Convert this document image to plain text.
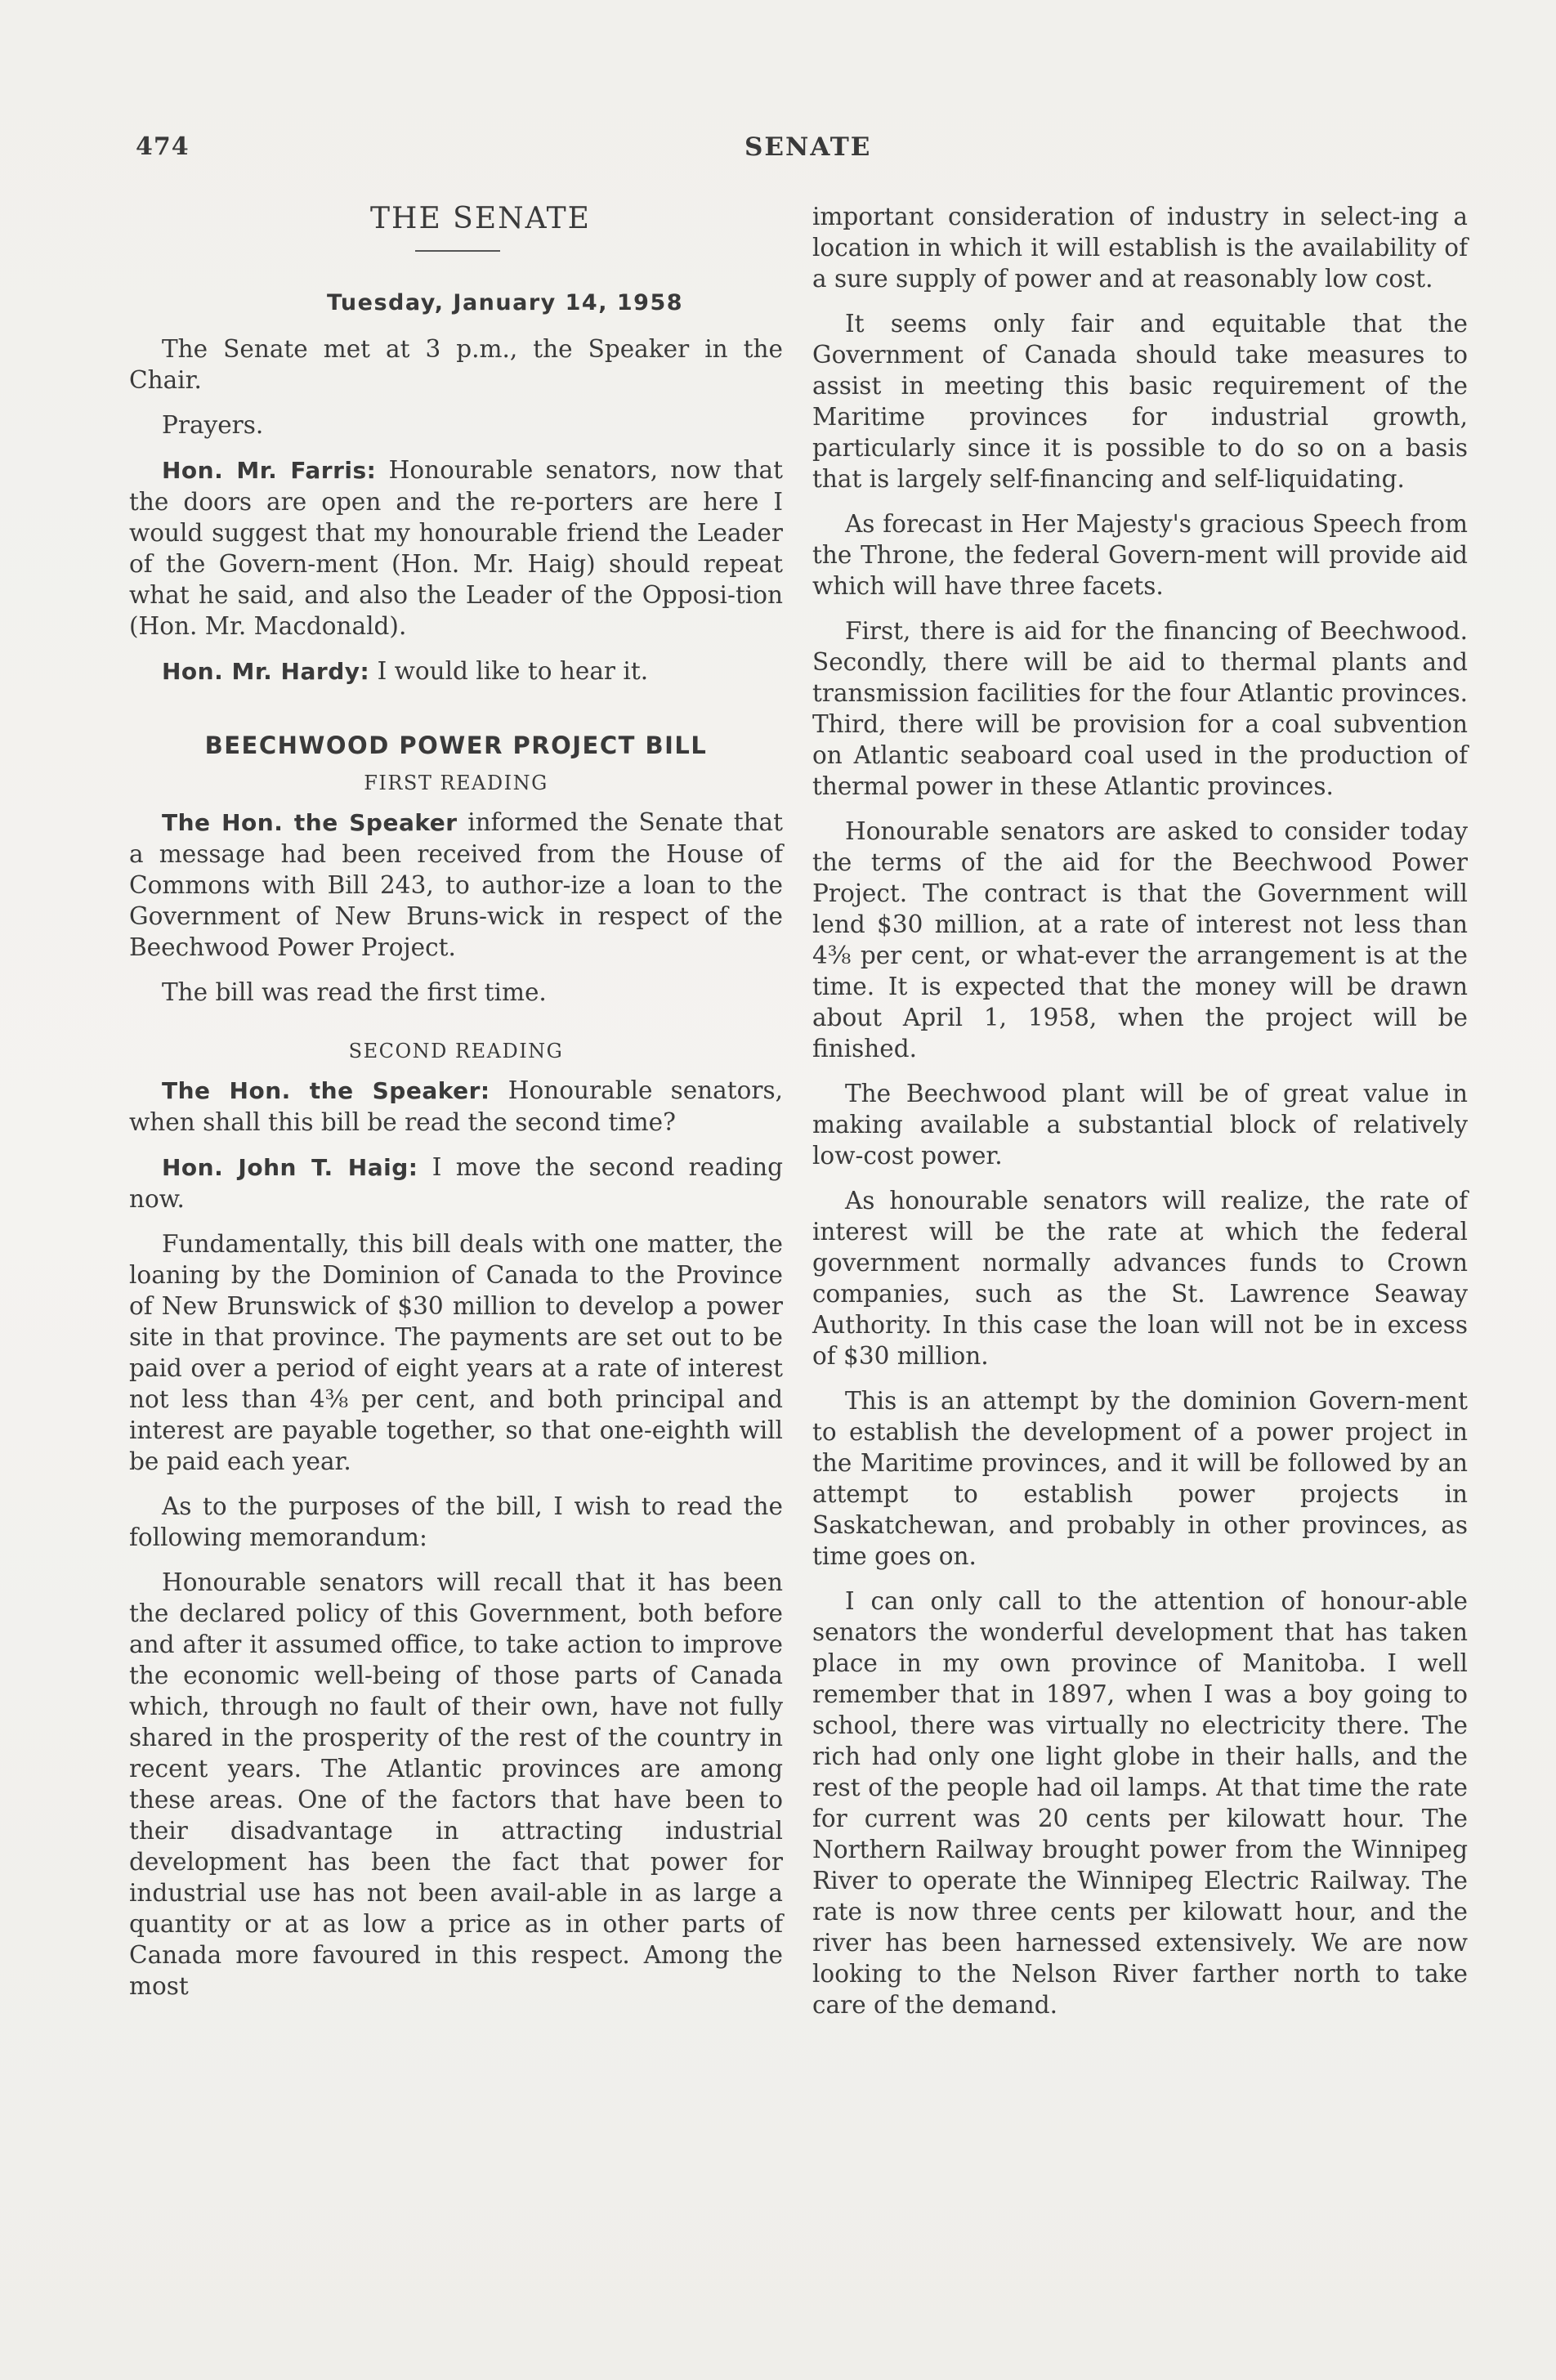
474	SENATE
THE SENATE
Tuesday, January 14, 1958

The Senate met at 3 p.m., the Speaker in the Chair.

Prayers.

Hon. Mr. Farris: Honourable senators, now that the doors are open and the re-porters are here I would suggest that my honourable friend the Leader of the Govern-ment (Hon. Mr. Haig) should repeat what he said, and also the Leader of the Opposi-tion (Hon. Mr. Macdonald).

Hon. Mr. Hardy: I would like to hear it.

BEECHWOOD POWER PROJECT BILL
FIRST READING

The Hon. the Speaker informed the Senate that a message had been received from the House of Commons with Bill 243, to author-ize a loan to the Government of New Bruns-wick in respect of the Beechwood Power Project.

The bill was read the first time.

SECOND READING

The Hon. the Speaker: Honourable senators, when shall this bill be read the second time?

Hon. John T. Haig: I move the second reading now.

Fundamentally, this bill deals with one matter, the loaning by the Dominion of Canada to the Province of New Brunswick of $30 million to develop a power site in that province. The payments are set out to be paid over a period of eight years at a rate of interest not less than 4⅜ per cent, and both principal and interest are payable together, so that one-eighth will be paid each year.

As to the purposes of the bill, I wish to read the following memorandum:

Honourable senators will recall that it has been the declared policy of this Government, both before and after it assumed office, to take action to improve the economic well-being of those parts of Canada which, through no fault of their own, have not fully shared in the prosperity of the rest of the country in recent years. The Atlantic provinces are among these areas. One of the factors that have been to their disadvantage in attracting industrial development has been the fact that power for industrial use has not been avail-able in as large a quantity or at as low a price as in other parts of Canada more favoured in this respect. Among the most

important consideration of industry in select-ing a location in which it will establish is the availability of a sure supply of power and at reasonably low cost.

It seems only fair and equitable that the Government of Canada should take measures to assist in meeting this basic requirement of the Maritime provinces for industrial growth, particularly since it is possible to do so on a basis that is largely self-financing and self-liquidating.

As forecast in Her Majesty's gracious Speech from the Throne, the federal Govern-ment will provide aid which will have three facets.

First, there is aid for the financing of Beechwood. Secondly, there will be aid to thermal plants and transmission facilities for the four Atlantic provinces. Third, there will be provision for a coal subvention on Atlantic seaboard coal used in the production of thermal power in these Atlantic provinces.

Honourable senators are asked to consider today the terms of the aid for the Beechwood Power Project. The contract is that the Government will lend $30 million, at a rate of interest not less than 4⅜ per cent, or what-ever the arrangement is at the time. It is expected that the money will be drawn about April 1, 1958, when the project will be finished.

The Beechwood plant will be of great value in making available a substantial block of relatively low-cost power.

As honourable senators will realize, the rate of interest will be the rate at which the federal government normally advances funds to Crown companies, such as the St. Lawrence Seaway Authority. In this case the loan will not be in excess of $30 million.

This is an attempt by the dominion Govern-ment to establish the development of a power project in the Maritime provinces, and it will be followed by an attempt to establish power projects in Saskatchewan, and probably in other provinces, as time goes on.

I can only call to the attention of honour-able senators the wonderful development that has taken place in my own province of Manitoba. I well remember that in 1897, when I was a boy going to school, there was virtually no electricity there. The rich had only one light globe in their halls, and the rest of the people had oil lamps. At that time the rate for current was 20 cents per kilowatt hour. The Northern Railway brought power from the Winnipeg River to operate the Winnipeg Electric Railway. The rate is now three cents per kilowatt hour, and the river has been harnessed extensively. We are now looking to the Nelson River farther north to take care of the demand.
